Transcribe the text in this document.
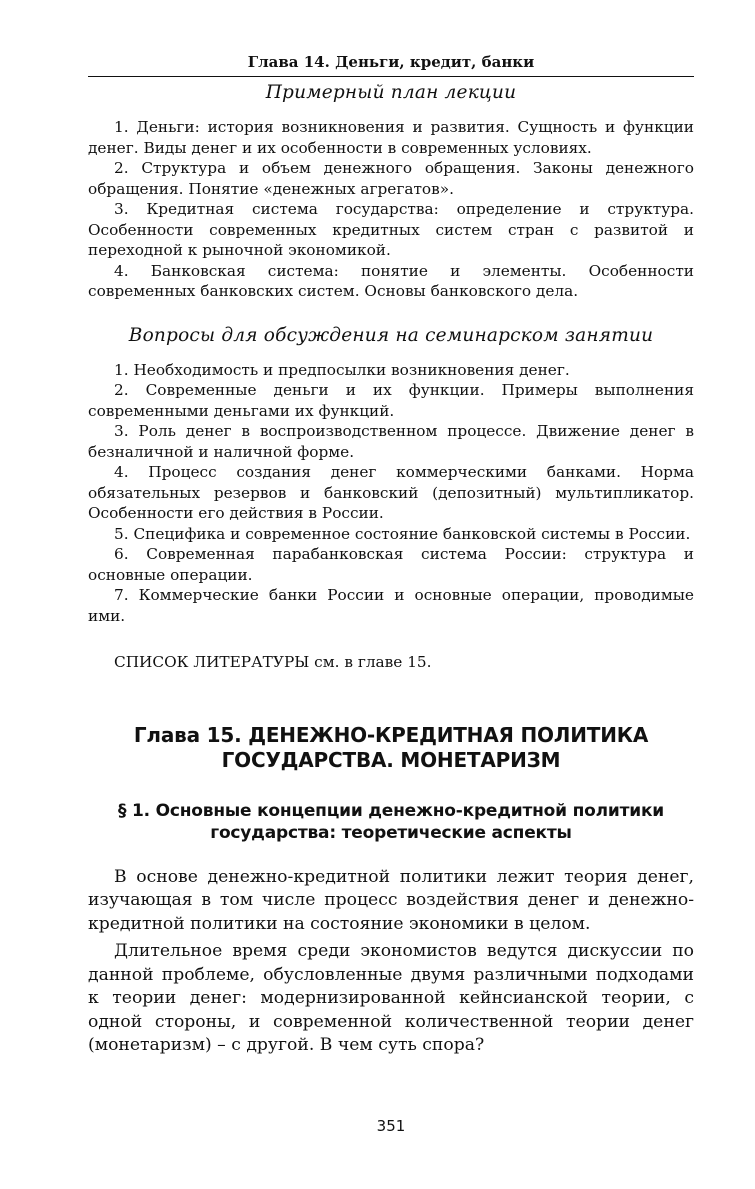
Глава 14. Деньги, кредит, банки
Примерный план лекции
1. Деньги: история возникновения и развития. Сущность и функции денег. Виды денег и их особенности в современных условиях.
2. Структура и объем денежного обращения. Законы денежного обращения. Понятие «денежных агрегатов».
3. Кредитная система государства: определение и структура. Особенности современных кредитных систем стран с развитой и переходной к рыночной экономикой.
4. Банковская система: понятие и элементы. Особенности современных банковских систем. Основы банковского дела.
Вопросы для обсуждения на семинарском занятии
1. Необходимость и предпосылки возникновения денег.
2. Современные деньги и их функции. Примеры выполнения современными деньгами их функций.
3. Роль денег в воспроизводственном процессе. Движение денег в безналичной и наличной форме.
4. Процесс создания денег коммерческими банками. Норма обязательных резервов и банковский (депозитный) мультипликатор. Особенности его действия в России.
5. Специфика и современное состояние банковской системы в России.
6. Современная парабанковская система России: структура и основные операции.
7. Коммерческие банки России и основные операции, проводимые ими.

СПИСОК ЛИТЕРАТУРЫ см. в главе 15.

Глава 15. ДЕНЕЖНО-КРЕДИТНАЯ ПОЛИТИКА
ГОСУДАРСТВА. МОНЕТАРИЗМ
§ 1. Основные концепции денежно-кредитной политики
государства: теоретические аспекты

В основе денежно-кредитной политики лежит теория денег, изучающая в том числе процесс воздействия денег и денежно-кредитной политики на состояние экономики в целом.

Длительное время среди экономистов ведутся дискуссии по данной проблеме, обусловленные двумя различными подходами к теории денег: модернизированной кейнсианской теории, с одной стороны, и современной количественной теории денег (монетаризм) – с другой. В чем суть спора?

351
